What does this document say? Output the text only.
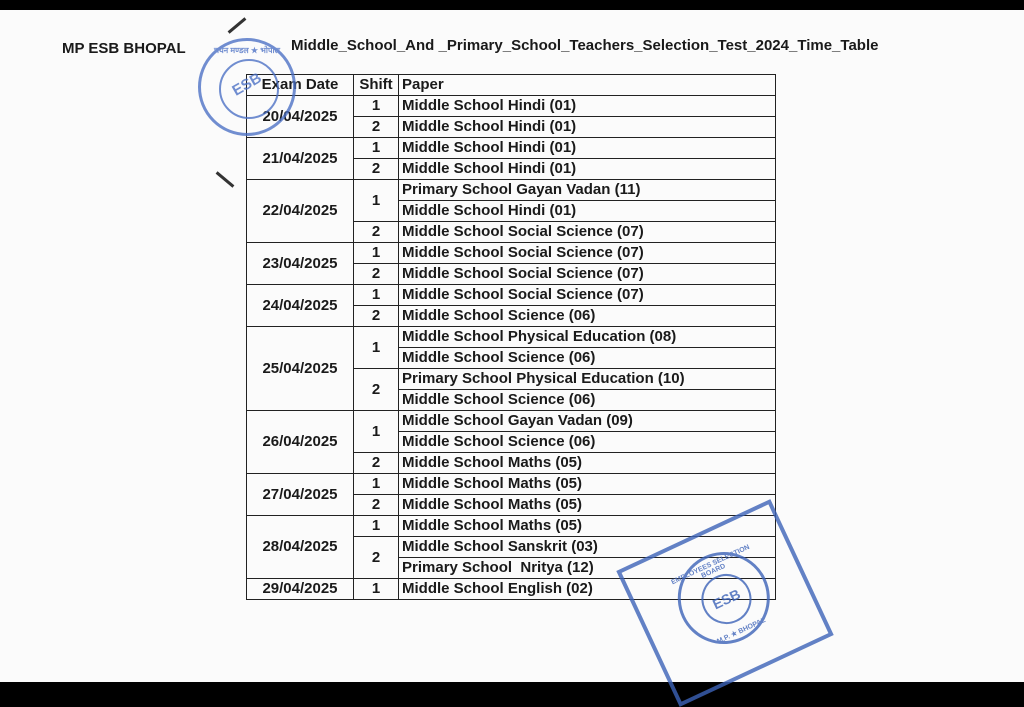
MP ESB BHOPAL	Middle_School_And _Primary_School_Teachers_Selection_Test_2024_Time_Table
Exam Date	Shift	Paper
20/04/2025	1	Middle School Hindi (01)
	2	Middle School Hindi (01)
21/04/2025	1	Middle School Hindi (01)
	2	Middle School Hindi (01)
22/04/2025	1	Primary School Gayan Vadan (11)
		Middle School Hindi (01)
	2	Middle School Social Science (07)
23/04/2025	1	Middle School Social Science (07)
	2	Middle School Social Science (07)
24/04/2025	1	Middle School Social Science (07)
	2	Middle School Science (06)
25/04/2025	1	Middle School Physical Education (08)
		Middle School Science (06)
	2	Primary School Physical Education (10)
		Middle School Science (06)
26/04/2025	1	Middle School Gayan Vadan (09)
		Middle School Science (06)
	2	Middle School Maths (05)
27/04/2025	1	Middle School Maths (05)
	2	Middle School Maths (05)
28/04/2025	1	Middle School Maths (05)
	2	Middle School Sanskrit (03)
		Primary School  Nritya (12)
29/04/2025	1	Middle School English (02)
चयन मण्डल ★ भोपाल
ESB
EMPLOYEES SELECTION BOARD
ESB
M.P. ★ BHOPAL
